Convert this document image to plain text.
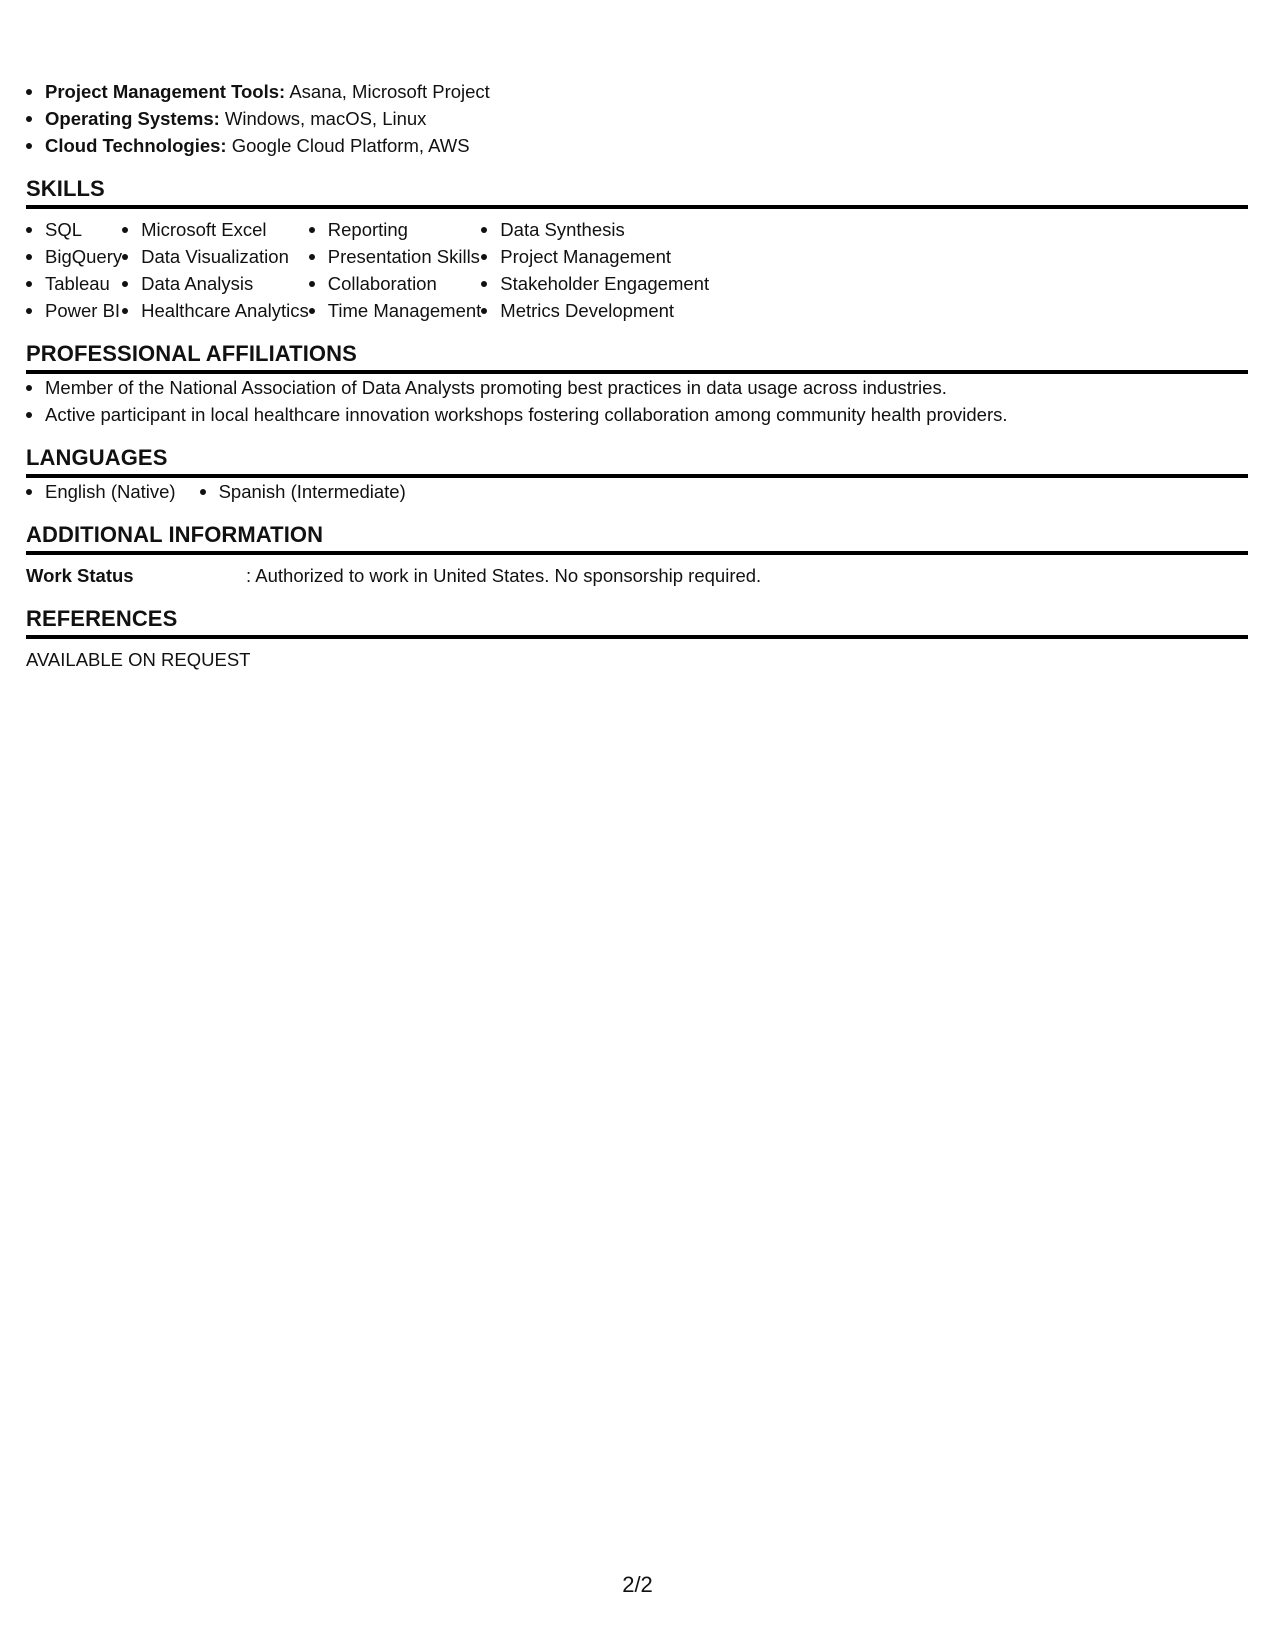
Project Management Tools: Asana, Microsoft Project
Operating Systems: Windows, macOS, Linux
Cloud Technologies: Google Cloud Platform, AWS
SKILLS
SQL
BigQuery
Tableau
Power BI
Microsoft Excel
Data Visualization
Data Analysis
Healthcare Analytics
Reporting
Presentation Skills
Collaboration
Time Management
Data Synthesis
Project Management
Stakeholder Engagement
Metrics Development
PROFESSIONAL AFFILIATIONS
Member of the National Association of Data Analysts promoting best practices in data usage across industries.
Active participant in local healthcare innovation workshops fostering collaboration among community health providers.
LANGUAGES
English (Native)	Spanish (Intermediate)
ADDITIONAL INFORMATION
Work Status	: Authorized to work in United States. No sponsorship required.
REFERENCES
AVAILABLE ON REQUEST
2/2
